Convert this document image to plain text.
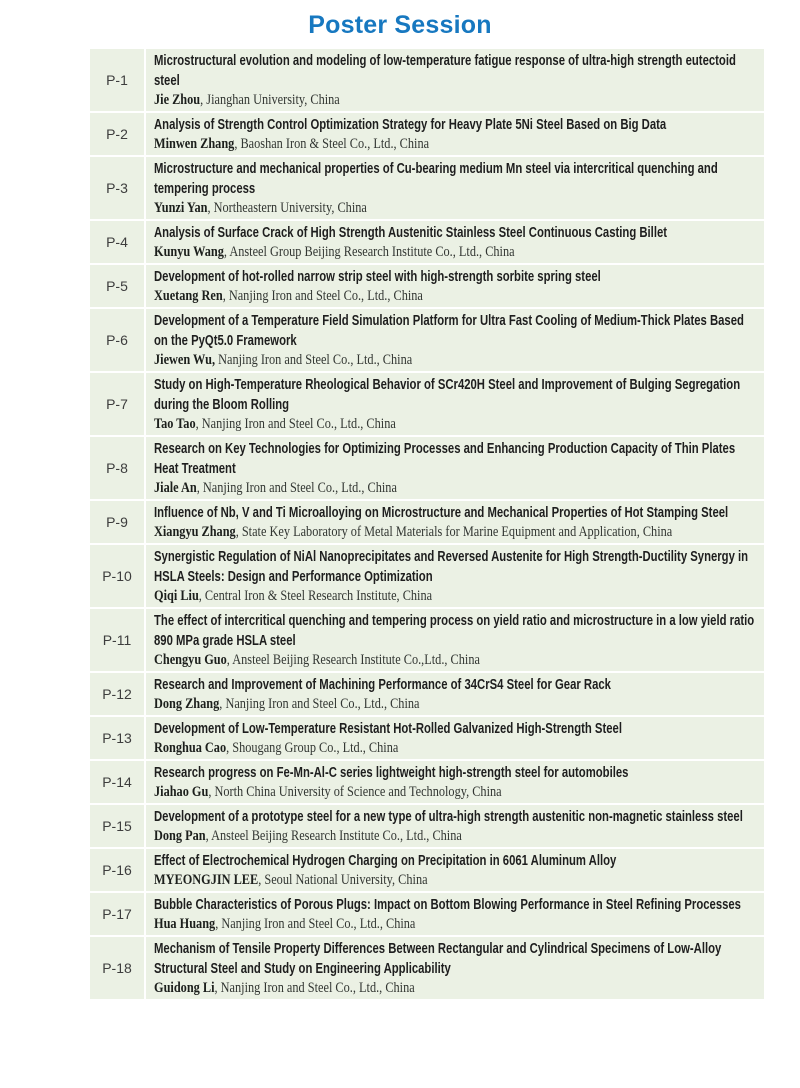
Poster Session
P-1	Microstructural evolution and modeling of low-temperature fatigue response of ultra-high strength eutectoid steel
Jie Zhou, Jianghan University, China

P-2	Analysis of Strength Control Optimization Strategy for Heavy Plate 5Ni Steel Based on Big Data
Minwen Zhang, Baoshan Iron & Steel Co., Ltd., China

P-3	Microstructure and mechanical properties of Cu-bearing medium Mn steel via intercritical quenching and tempering process
Yunzi Yan, Northeastern University, China

P-4	Analysis of Surface Crack of High Strength Austenitic Stainless Steel Continuous Casting Billet
Kunyu Wang, Ansteel Group Beijing Research Institute Co., Ltd., China

P-5	Development of hot-rolled narrow strip steel with high-strength sorbite spring steel
Xuetang Ren, Nanjing Iron and Steel Co., Ltd., China

P-6	Development of a Temperature Field Simulation Platform for Ultra Fast Cooling of Medium-Thick Plates Based on the PyQt5.0 Framework
Jiewen Wu, Nanjing Iron and Steel Co., Ltd., China

P-7	Study on High-Temperature Rheological Behavior of SCr420H Steel and Improvement of Bulging Segregation during the Bloom Rolling
Tao Tao, Nanjing Iron and Steel Co., Ltd., China

P-8	Research on Key Technologies for Optimizing Processes and Enhancing Production Capacity of Thin Plates Heat Treatment
Jiale An, Nanjing Iron and Steel Co., Ltd., China

P-9	Influence of Nb, V and Ti Microalloying on Microstructure and Mechanical Properties of Hot Stamping Steel
Xiangyu Zhang, State Key Laboratory of Metal Materials for Marine Equipment and Application, China

P-10	Synergistic Regulation of NiAl Nanoprecipitates and Reversed Austenite for High Strength-Ductility Synergy in HSLA Steels: Design and Performance Optimization
Qiqi Liu, Central Iron & Steel Research Institute, China

P-11	The effect of intercritical quenching and tempering process on yield ratio and microstructure in a low yield ratio 890 MPa grade HSLA steel
Chengyu Guo, Ansteel Beijing Research Institute Co.,Ltd., China

P-12	Research and Improvement of Machining Performance of 34CrS4 Steel for Gear Rack
Dong Zhang, Nanjing Iron and Steel Co., Ltd., China

P-13	Development of Low-Temperature Resistant Hot-Rolled Galvanized High-Strength Steel
Ronghua Cao, Shougang Group Co., Ltd., China

P-14	Research progress on Fe-Mn-Al-C series lightweight high-strength steel for automobiles
Jiahao Gu, North China University of Science and Technology, China

P-15	Development of a prototype steel for a new type of ultra-high strength austenitic non-magnetic stainless steel
Dong Pan, Ansteel Beijing Research Institute Co., Ltd., China

P-16	Effect of Electrochemical Hydrogen Charging on Precipitation in 6061 Aluminum Alloy
MYEONGJIN LEE, Seoul National University, China

P-17	Bubble Characteristics of Porous Plugs: Impact on Bottom Blowing Performance in Steel Refining Processes
Hua Huang, Nanjing Iron and Steel Co., Ltd., China

P-18	Mechanism of Tensile Property Differences Between Rectangular and Cylindrical Specimens of Low-Alloy Structural Steel and Study on Engineering Applicability
Guidong Li, Nanjing Iron and Steel Co., Ltd., China
